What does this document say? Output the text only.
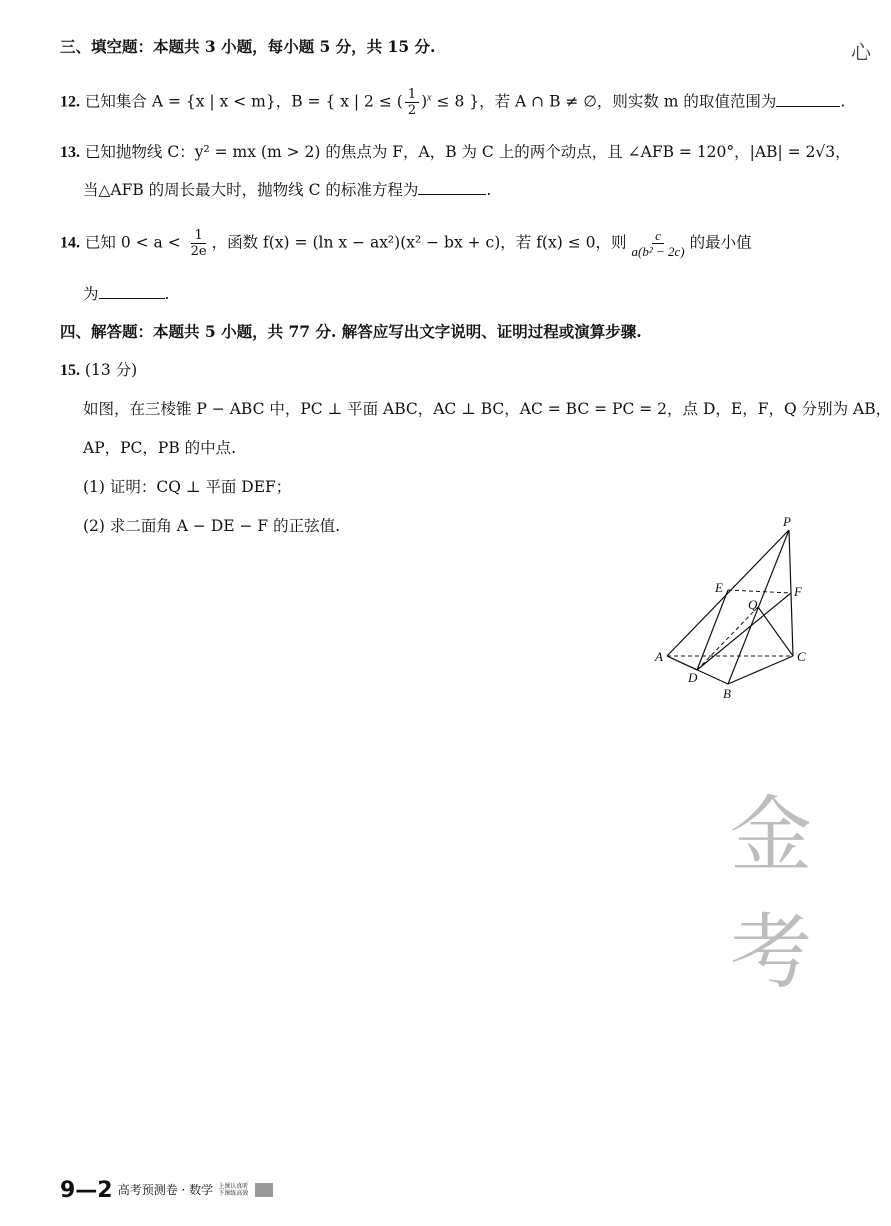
心
三、填空题：本题共 3 小题，每小题 5 分，共 15 分.
12. 已知集合 A = {x | x < m}，B = { x | 2 ≤ ( $\frac{1}{2} )^x \le 8$ }，若 A ∩ B ≠ ∅，则实数 m 的取值范围为	.
13. 已知抛物线 C：y² = mx (m > 2) 的焦点为 F，A，B 为 C 上的两个动点，且 ∠AFB = 120°，|AB| = 2√3，
当△AFB 的周长最大时，抛物线 C 的标准方程为	.
14. 已知 $0 < a < \frac{1}{2e}$ ，函数 f(x) = (ln x − ax²)(x² − bx + c)，若 f(x) ≤ 0，则 $\frac{c}{\text{a(b² − 2c)}}$ 的最小值
为	.
四、解答题：本题共 5 小题，共 77 分. 解答应写出文字说明、证明过程或演算步骤.
15. (13 分)
如图，在三棱锥 P − ABC 中，PC ⊥ 平面 ABC，AC ⊥ BC，AC = BC = PC = 2，点 D，E，F，Q 分别为 AB，
AP，PC，PB 的中点.
(1) 证明：CQ ⊥ 平面 DEF；
(2) 求二面角 A − DE − F 的正弦值.	P
E	F
Q
A	C
D
B
金考
9—2 高考预测卷 · 数学 上课认真听
下课练高效
